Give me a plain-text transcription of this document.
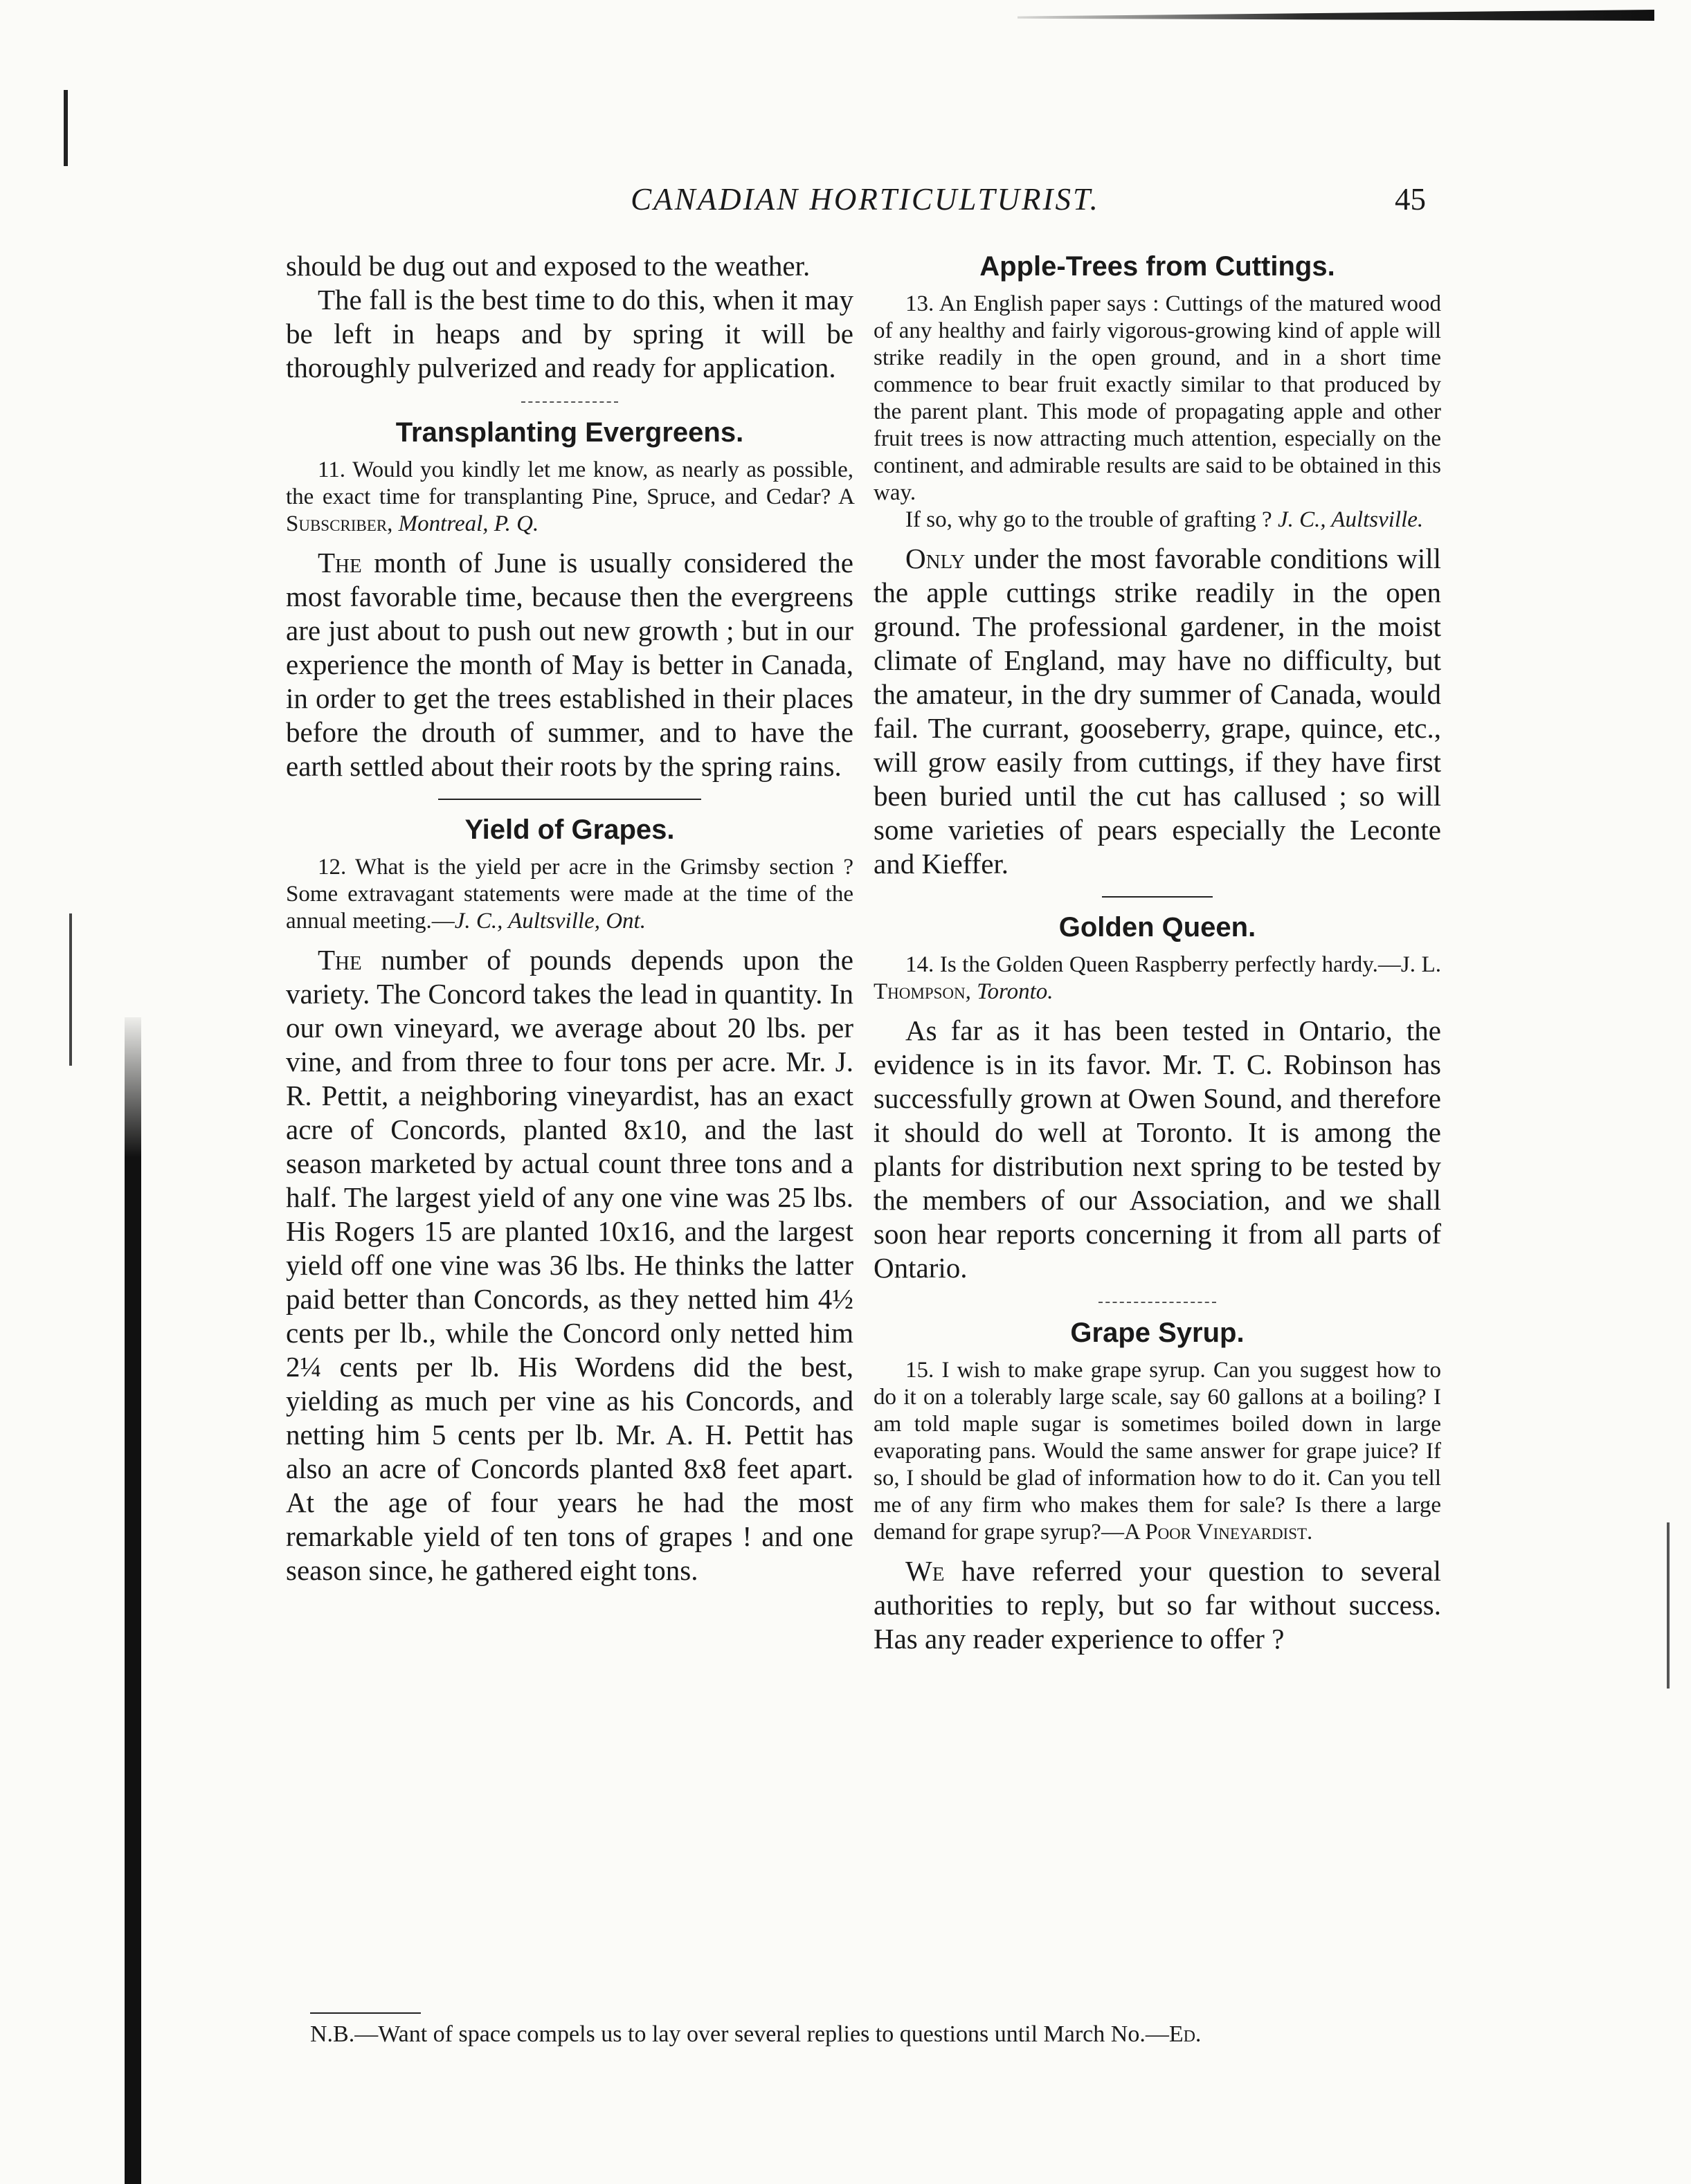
CANADIAN HORTICULTURIST.	45

should be dug out and exposed to the weather.

The fall is the best time to do this, when it may be left in heaps and by spring it will be thoroughly pulverized and ready for application.

Transplanting Evergreens.

11. Would you kindly let me know, as nearly as possible, the exact time for transplanting Pine, Spruce, and Cedar? A Subscriber, Montreal, P. Q.

The month of June is usually considered the most favorable time, because then the evergreens are just about to push out new growth ; but in our experience the month of May is better in Canada, in order to get the trees established in their places before the drouth of summer, and to have the earth settled about their roots by the spring rains.

Yield of Grapes.

12. What is the yield per acre in the Grimsby section ? Some extravagant statements were made at the time of the annual meeting.—J. C., Aultsville, Ont.

The number of pounds depends upon the variety. The Concord takes the lead in quantity. In our own vineyard, we average about 20 lbs. per vine, and from three to four tons per acre. Mr. J. R. Pettit, a neighboring vineyardist, has an exact acre of Concords, planted 8x10, and the last season marketed by actual count three tons and a half. The largest yield of any one vine was 25 lbs. His Rogers 15 are planted 10x16, and the largest yield off one vine was 36 lbs. He thinks the latter paid better than Concords, as they netted him 4½ cents per lb., while the Concord only netted him 2¼ cents per lb. His Wordens did the best, yielding as much per vine as his Concords, and netting him 5 cents per lb. Mr. A. H. Pettit has also an acre of Concords planted 8x8 feet apart. At the age of four years he had the most remarkable yield of ten tons of grapes ! and one season since, he gathered eight tons.

Apple-Trees from Cuttings.

13. An English paper says : Cuttings of the matured wood of any healthy and fairly vigorous-growing kind of apple will strike readily in the open ground, and in a short time commence to bear fruit exactly similar to that produced by the parent plant. This mode of propagating apple and other fruit trees is now attracting much attention, especially on the continent, and admirable results are said to be obtained in this way.

If so, why go to the trouble of grafting ? J. C., Aultsville.

Only under the most favorable conditions will the apple cuttings strike readily in the open ground. The professional gardener, in the moist climate of England, may have no difficulty, but the amateur, in the dry summer of Canada, would fail. The currant, gooseberry, grape, quince, etc., will grow easily from cuttings, if they have first been buried until the cut has callused ; so will some varieties of pears especially the Leconte and Kieffer.

Golden Queen.

14. Is the Golden Queen Raspberry perfectly hardy.—J. L. Thompson, Toronto.

As far as it has been tested in Ontario, the evidence is in its favor. Mr. T. C. Robinson has successfully grown at Owen Sound, and therefore it should do well at Toronto. It is among the plants for distribution next spring to be tested by the members of our Association, and we shall soon hear reports concerning it from all parts of Ontario.

Grape Syrup.

15. I wish to make grape syrup. Can you suggest how to do it on a tolerably large scale, say 60 gallons at a boiling? I am told maple sugar is sometimes boiled down in large evaporating pans. Would the same answer for grape juice? If so, I should be glad of information how to do it. Can you tell me of any firm who makes them for sale? Is there a large demand for grape syrup?—A Poor Vineyardist.

We have referred your question to several authorities to reply, but so far without success. Has any reader experience to offer ?

N.B.—Want of space compels us to lay over several replies to questions until March No.—Ed.
